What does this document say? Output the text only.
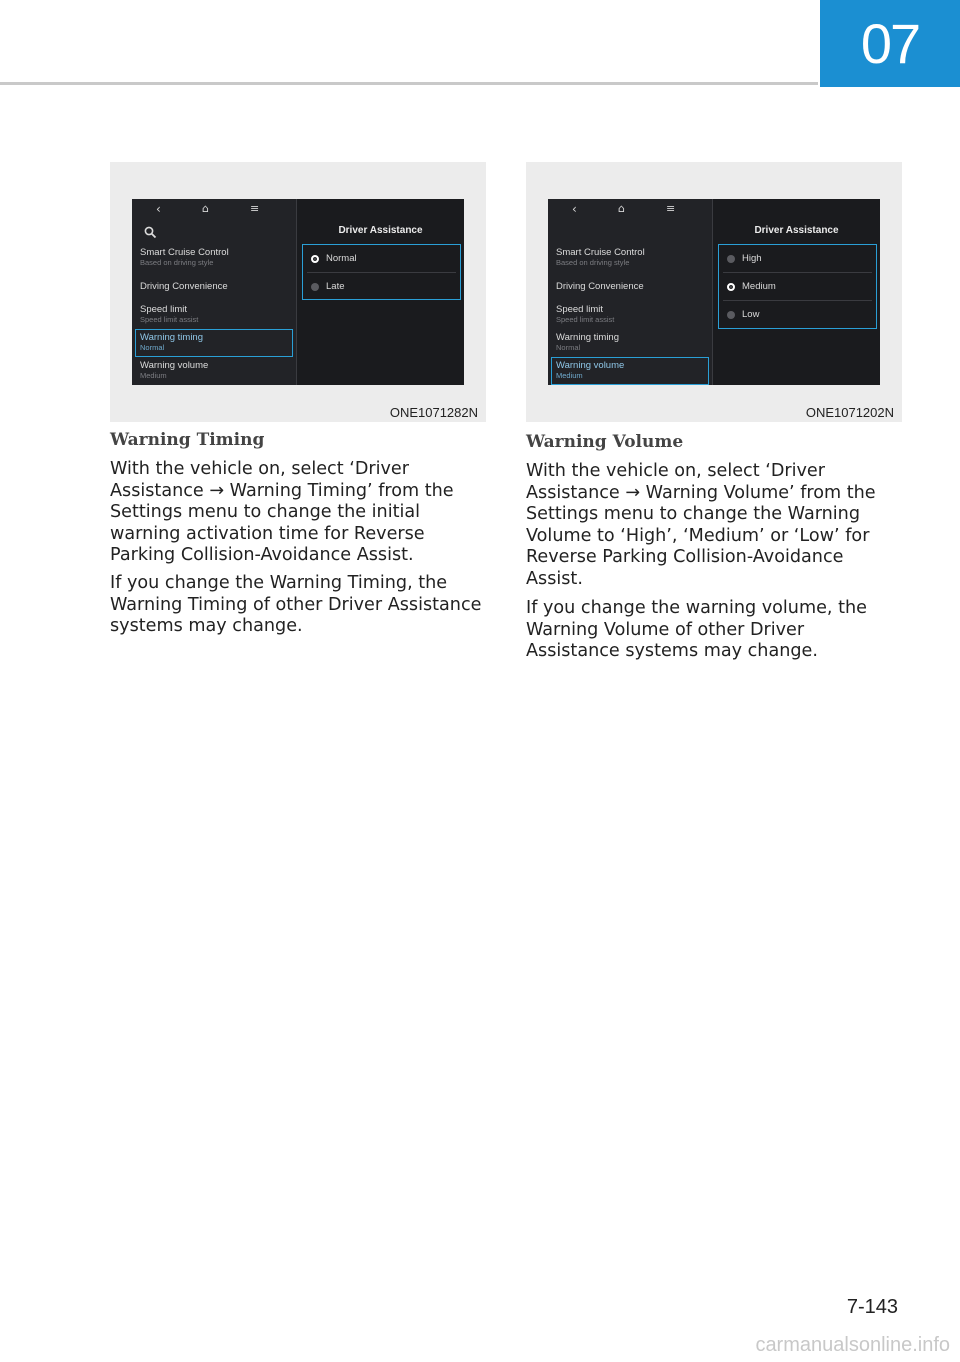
07
‹	⌂	≡
Smart Cruise Control
Based on driving style
Driving Convenience
Speed limit
Speed limit assist
Warning timing
Normal
Warning volume
Medium
Driver Assistance
Normal
Late
ONE1071282N
‹	⌂	≡
Smart Cruise Control
Based on driving style
Driving Convenience
Speed limit
Speed limit assist
Warning timing
Normal
Warning volume
Medium
Driver Assistance
High
Medium
Low
ONE1071202N
Warning Timing

With the vehicle on, select ‘Driver Assistance → Warning Timing’ from the Settings menu to change the initial warning activation time for Reverse Parking Collision-Avoidance Assist.

If you change the Warning Timing, the Warning Timing of other Driver Assistance systems may change.

Warning Volume

With the vehicle on, select ‘Driver Assistance → Warning Volume’ from the Settings menu to change the Warning Volume to ‘High’, ‘Medium’ or ‘Low’ for Reverse Parking Collision-Avoidance Assist.

If you change the warning volume, the Warning Volume of other Driver Assistance systems may change.

7-143
carmanualsonline.info
